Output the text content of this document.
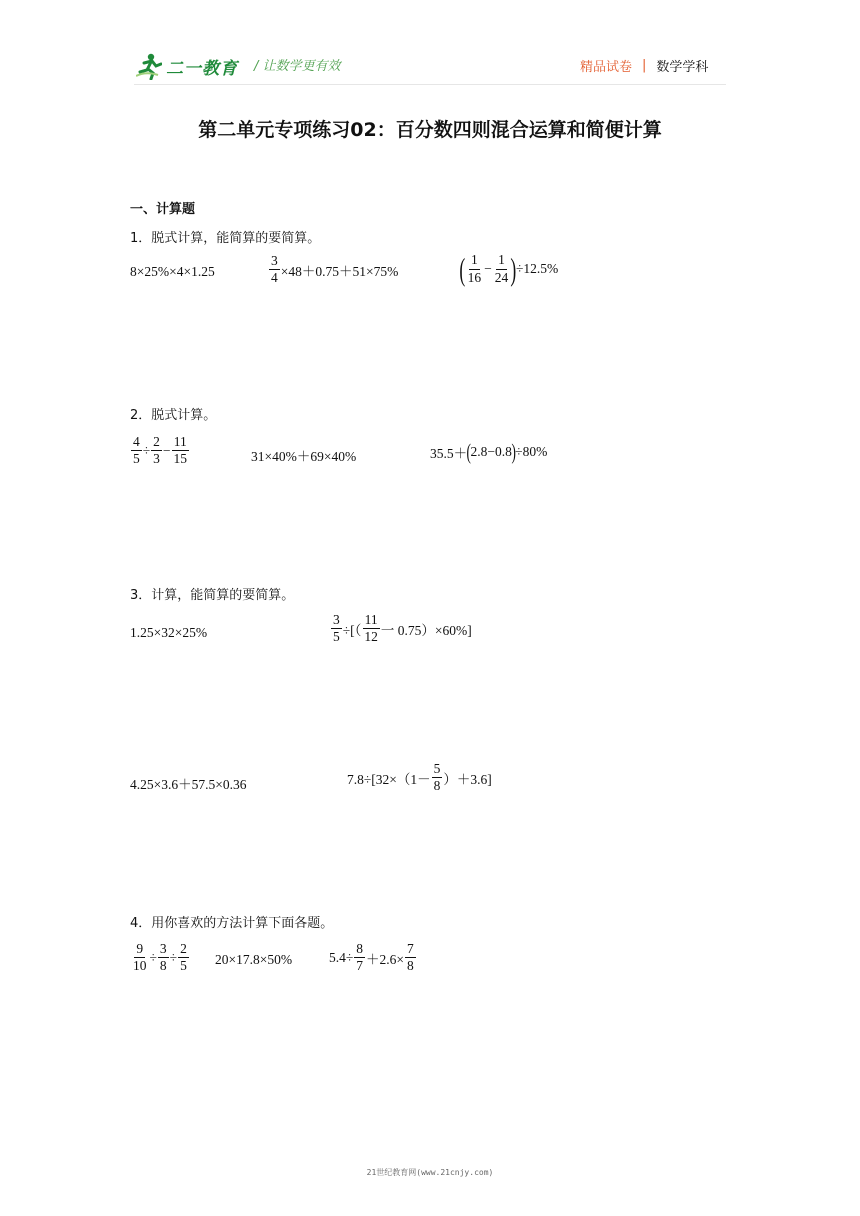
二一教育 / 让数学更有效	精品试卷 | 数学学科
第二单元专项练习02：百分数四则混合运算和简便计算
一、计算题
1．脱式计算，能简算的要简算。
8×25%×4×1.25	$\frac{3}{4} \times 48+0.75+51\times 75\%$ ( $\frac{1}{16} - \frac{1}{24}$ ) ÷12.5%
2．脱式计算。
$\frac{4}{5} \div \frac{2}{3} - \frac{11}{15}$	31×40%＋69×40%	35.5＋ ( 2.8−0.8 ) ÷80%
3．计算，能简算的要简算。
1.25×32×25%	$\frac{3}{5}$ ÷[（ $\frac{11}{12}$ 一 0.75）×60%]
4.25×3.6＋57.5×0.36	$7.8\div[32\times(1- \frac{5}{8} )+3.6]$
4．用你喜欢的方法计算下面各题。
$\frac{9}{10} \div \frac{3}{8} \div \frac{2}{5} 20\times 17.8\times 50\%$	$5.4\div \frac{8}{7} +2.6\times \frac{7}{8}$
21世纪教育网(www.21cnjy.com)
